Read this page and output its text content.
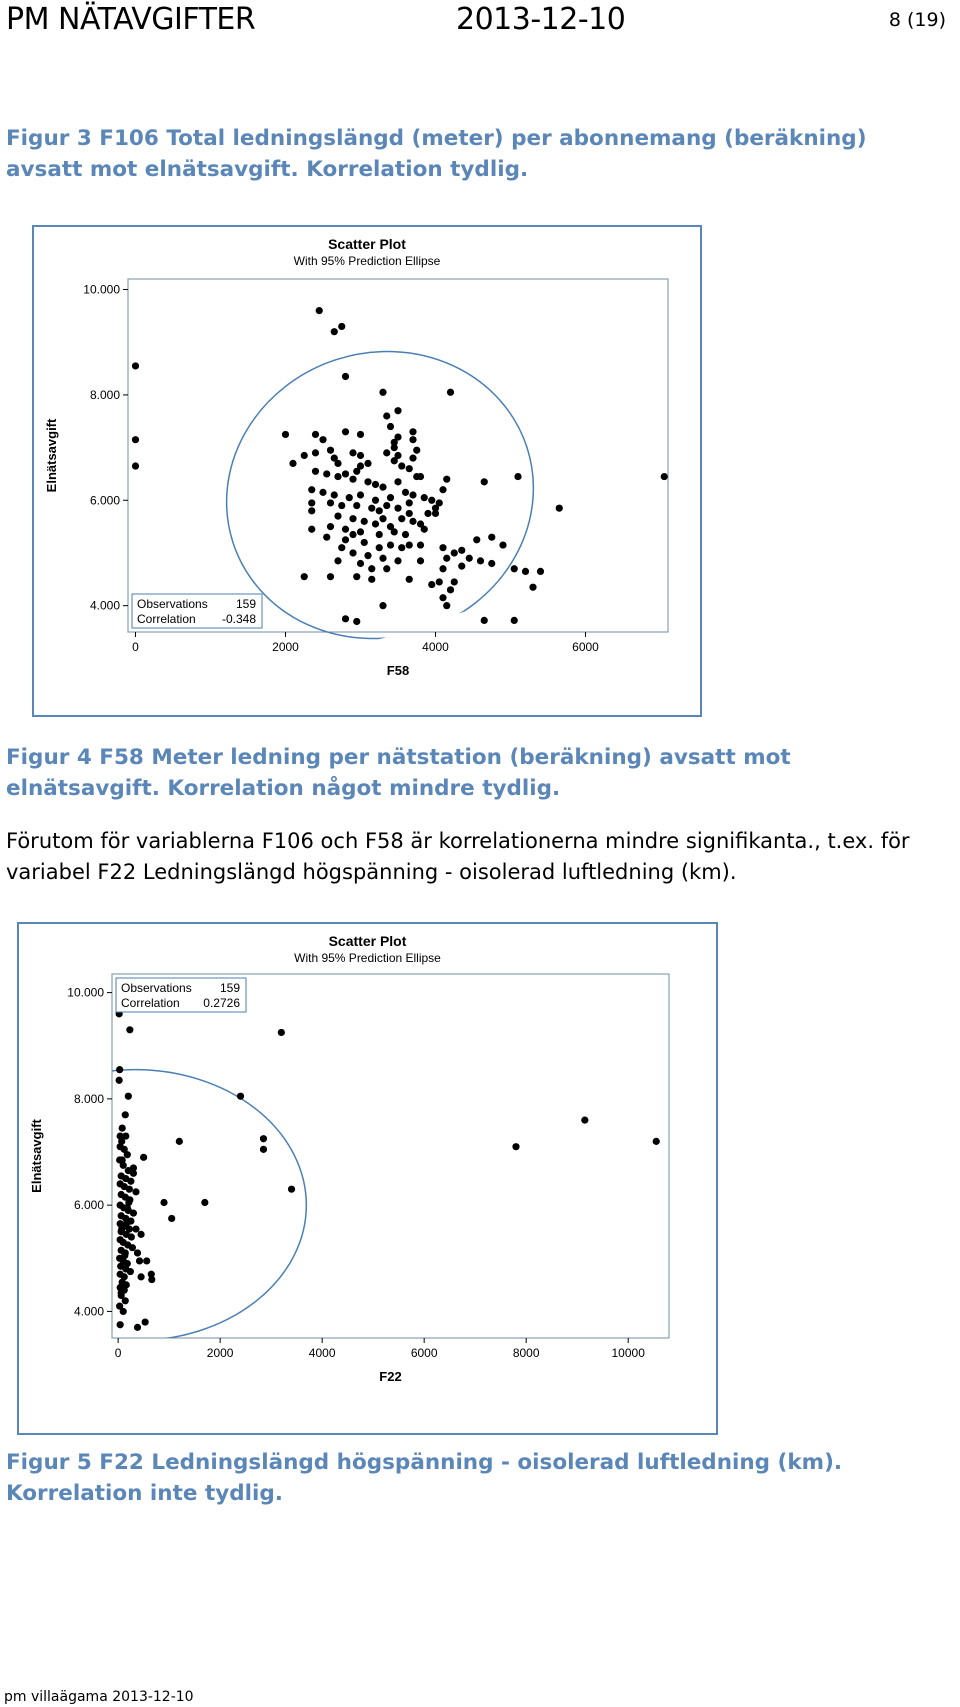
PM NÄTAVGIFTER	2013-12-10	8 (19)
Figur 3 F106 Total ledningslängd (meter) per abonnemang (beräkning) avsatt mot elnätsavgift. Korrelation tydlig.
Scatter Plot
With 95% Prediction Ellipse
0	2000	4000	6000
4.000
6.000
8.000
10.000
F58
Elnätsavgift
Observations 159
Correlation -0.348
Figur 4 F58 Meter ledning per nätstation (beräkning) avsatt mot elnätsavgift. Korrelation något mindre tydlig.
Förutom för variablerna F106 och F58 är korrelationerna mindre signifikanta., t.ex. för variabel F22 Ledningslängd högspänning - oisolerad luftledning (km).
Scatter Plot
With 95% Prediction Ellipse
0	2000	4000	6000	8000	10000
4.000
6.000
8.000
10.000
F22
Elnätsavgift
Observations 159
Correlation 0.2726
Figur 5 F22 Ledningslängd högspänning - oisolerad luftledning (km). Korrelation inte tydlig.
pm villaägama 2013-12-10
